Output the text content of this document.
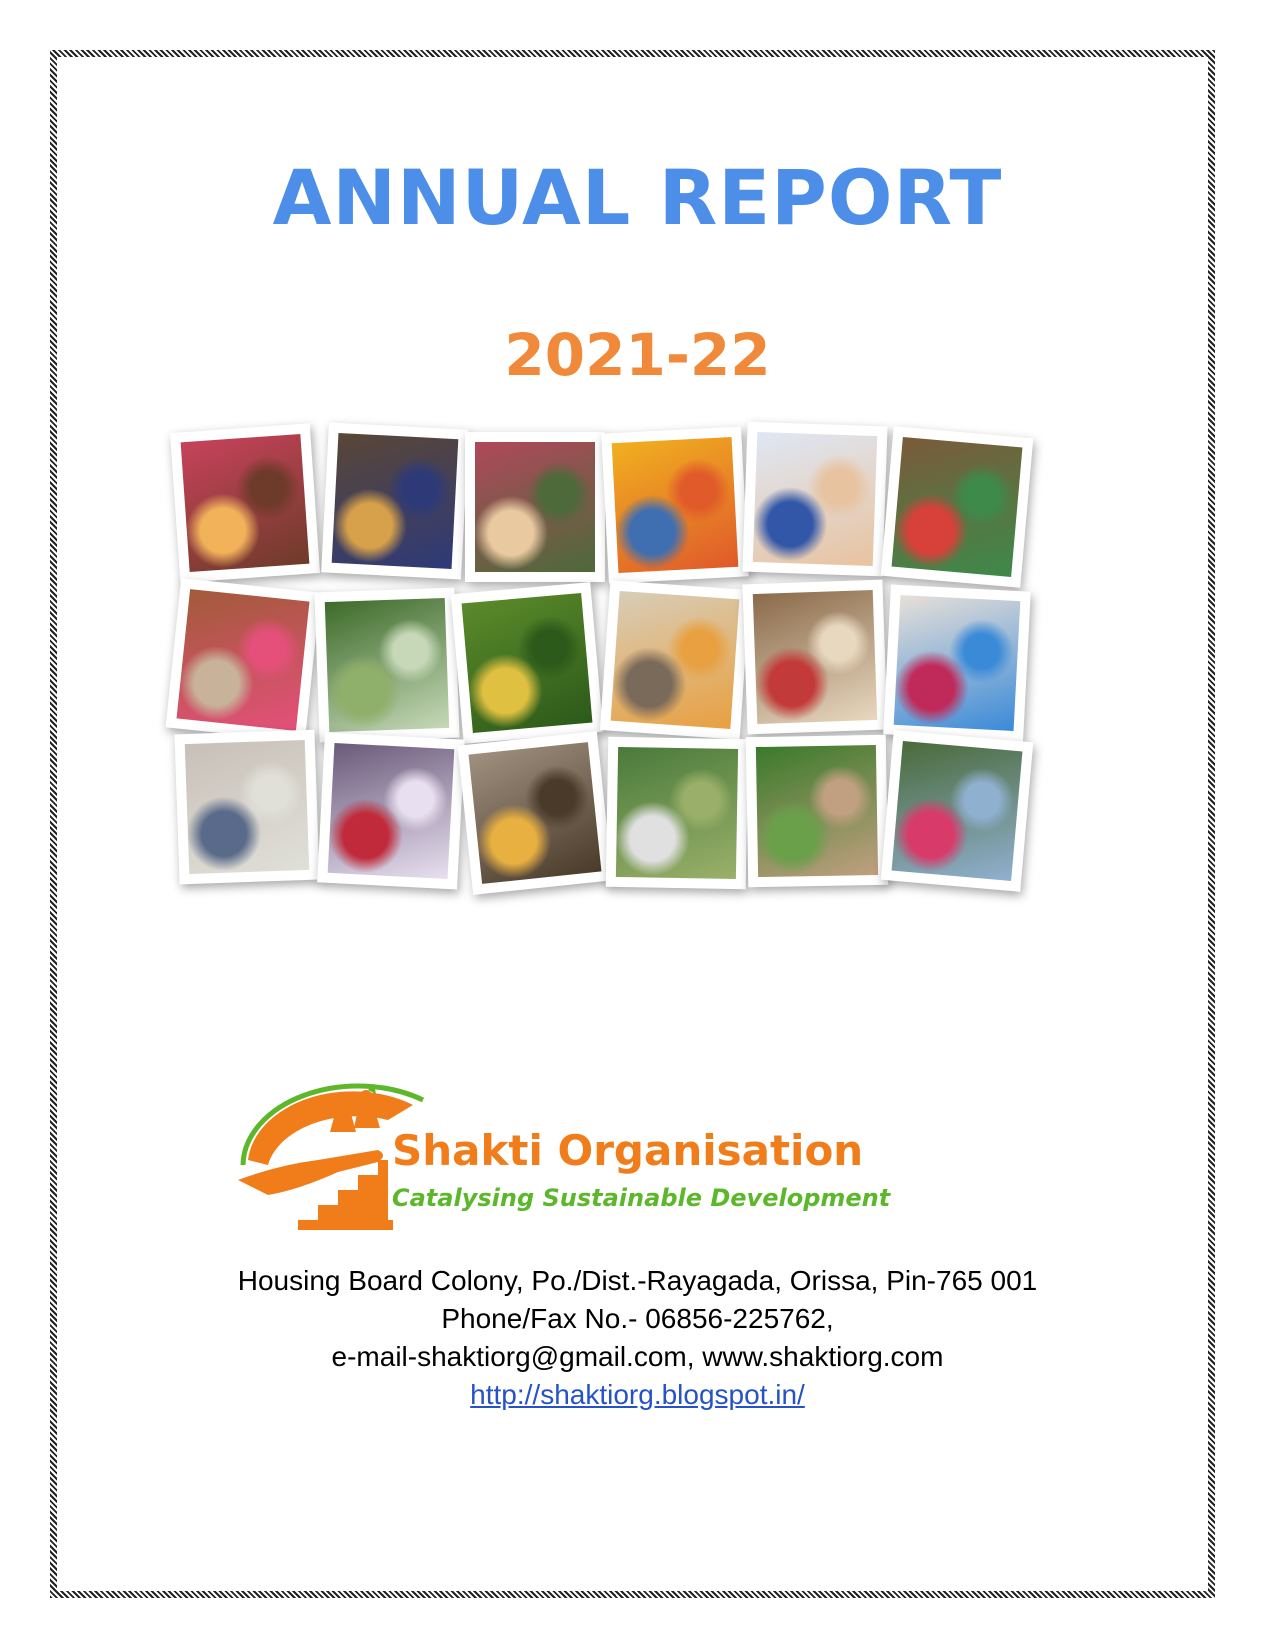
ANNUAL REPORT
2021-22
Shakti Organisation
Catalysing Sustainable Development
Housing Board Colony, Po./Dist.-Rayagada, Orissa, Pin-765 001
Phone/Fax No.- 06856-225762,
e-mail-shaktiorg@gmail.com, www.shaktiorg.com
http://shaktiorg.blogspot.in/
